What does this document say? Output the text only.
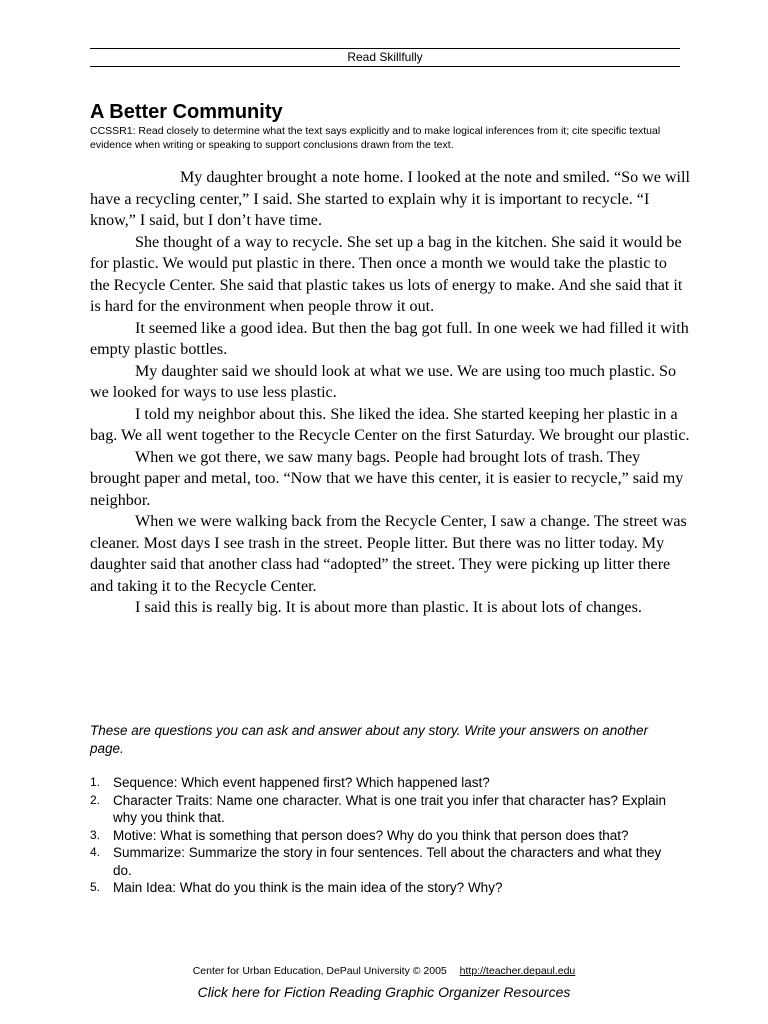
Read Skillfully
A Better Community
CCSSR1: Read closely to determine what the text says explicitly and to make logical inferences from it; cite specific textual evidence when writing or speaking to support conclusions drawn from the text.

My daughter brought a note home. I looked at the note and smiled. “So we will have a recycling center,” I said. She started to explain why it is important to recycle. “I know,” I said, but I don’t have time.

She thought of a way to recycle. She set up a bag in the kitchen. She said it would be for plastic. We would put plastic in there. Then once a month we would take the plastic to the Recycle Center. She said that plastic takes us lots of energy to make. And she said that it is hard for the environment when people throw it out.

It seemed like a good idea. But then the bag got full. In one week we had filled it with empty plastic bottles.

My daughter said we should look at what we use. We are using too much plastic. So we looked for ways to use less plastic.

I told my neighbor about this. She liked the idea. She started keeping her plastic in a bag. We all went together to the Recycle Center on the first Saturday. We brought our plastic.

When we got there, we saw many bags. People had brought lots of trash. They brought paper and metal, too. “Now that we have this center, it is easier to recycle,” said my neighbor.

When we were walking back from the Recycle Center, I saw a change. The street was cleaner. Most days I see trash in the street. People litter. But there was no litter today. My daughter said that another class had “adopted” the street. They were picking up litter there and taking it to the Recycle Center.

I said this is really big. It is about more than plastic. It is about lots of changes.

These are questions you can ask and answer about any story. Write your answers on another page.
1. Sequence: Which event happened first? Which happened last?
2. Character Traits: Name one character. What is one trait you infer that character has? Explain why you think that.
3. Motive: What is something that person does? Why do you think that person does that?
4. Summarize: Summarize the story in four sentences. Tell about the characters and what they do.
5. Main Idea: What do you think is the main idea of the story? Why?
Center for Urban Education, DePaul University © 2005 http://teacher.depaul.edu
Click here for Fiction Reading Graphic Organizer Resources
